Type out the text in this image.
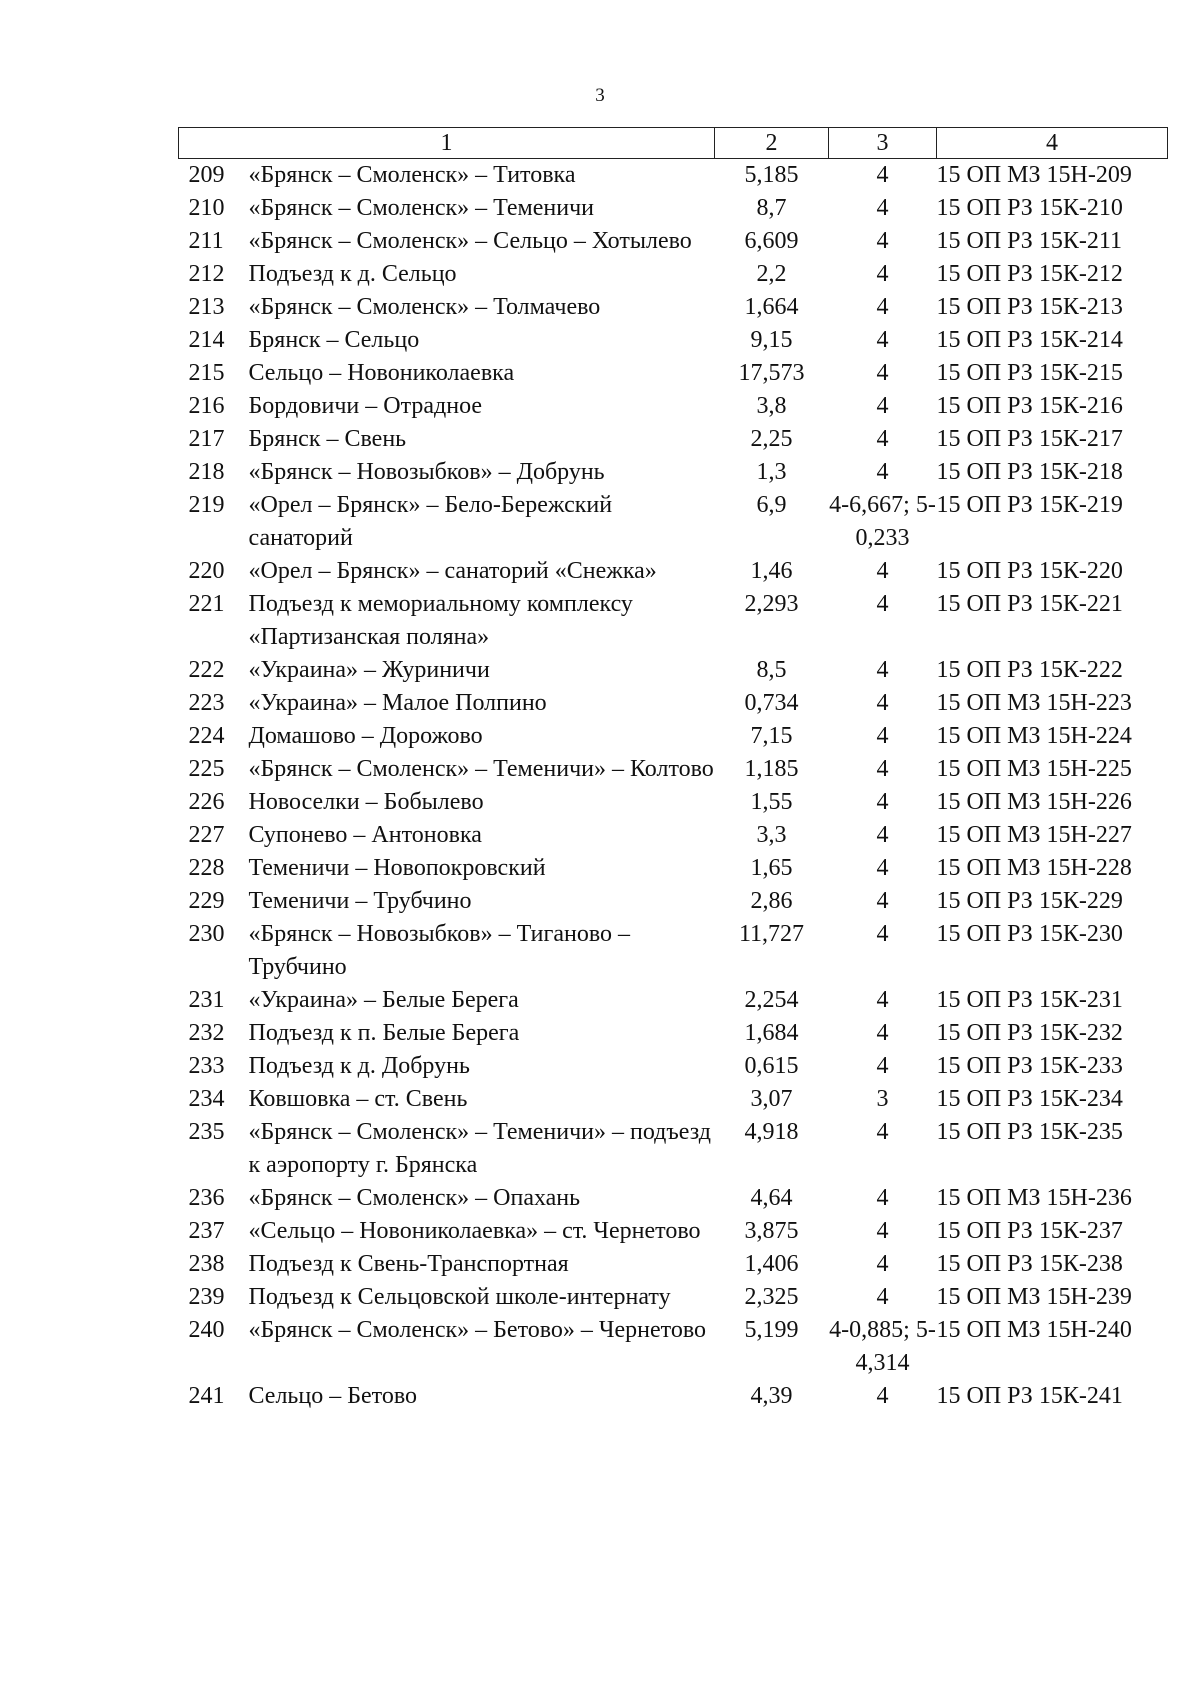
3
1	2	3	4

209 «Брянск – Смоленск» – Титовка	5,185	4	15 ОП МЗ 15Н-209

210 «Брянск – Смоленск» – Теменичи	8,7	4	15 ОП РЗ 15К-210

211 «Брянск – Смоленск» – Сельцо – Хотылево	6,609	4	15 ОП РЗ 15К-211

212 Подъезд к д. Сельцо	2,2	4	15 ОП РЗ 15К-212

213 «Брянск – Смоленск» – Толмачево	1,664	4	15 ОП РЗ 15К-213

214 Брянск – Сельцо	9,15	4	15 ОП РЗ 15К-214

215 Сельцо – Новониколаевка	17,573	4	15 ОП РЗ 15К-215

216 Бордовичи – Отрадное	3,8	4	15 ОП РЗ 15К-216

217 Брянск – Свень	2,25	4	15 ОП РЗ 15К-217

218 «Брянск – Новозыбков» – Добрунь	1,3	4	15 ОП РЗ 15К-218

219 «Орел – Брянск» – Бело-Бережский санаторий	6,9	4-6,667; 5-0,233	15 ОП РЗ 15К-219

220 «Орел – Брянск» – санаторий «Снежка»	1,46	4	15 ОП РЗ 15К-220

221 Подъезд к мемориальному комплексу «Партизанская поляна»	2,293	4	15 ОП РЗ 15К-221

222 «Украина» – Журиничи	8,5	4	15 ОП РЗ 15К-222

223 «Украина» – Малое Полпино	0,734	4	15 ОП МЗ 15Н-223

224 Домашово – Дорожово	7,15	4	15 ОП МЗ 15Н-224

225 «Брянск – Смоленск» – Теменичи» – Колтово	1,185	4	15 ОП МЗ 15Н-225

226 Новоселки – Бобылево	1,55	4	15 ОП МЗ 15Н-226

227 Супонево – Антоновка	3,3	4	15 ОП МЗ 15Н-227

228 Теменичи – Новопокровский	1,65	4	15 ОП МЗ 15Н-228

229 Теменичи – Трубчино	2,86	4	15 ОП РЗ 15К-229

230 «Брянск – Новозыбков» – Тиганово – Трубчино	11,727	4	15 ОП РЗ 15К-230

231 «Украина» – Белые Берега	2,254	4	15 ОП РЗ 15К-231

232 Подъезд к п. Белые Берега	1,684	4	15 ОП РЗ 15К-232

233 Подъезд к д. Добрунь	0,615	4	15 ОП РЗ 15К-233

234 Ковшовка – ст. Свень	3,07	3	15 ОП РЗ 15К-234

235 «Брянск – Смоленск» – Теменичи» – подъезд к аэропорту г. Брянска	4,918	4	15 ОП РЗ 15К-235

236 «Брянск – Смоленск» – Опахань	4,64	4	15 ОП МЗ 15Н-236

237 «Сельцо – Новониколаевка» – ст. Чернетово	3,875	4	15 ОП РЗ 15К-237

238 Подъезд к Свень-Транспортная	1,406	4	15 ОП РЗ 15К-238

239 Подъезд к Сельцовской школе-интернату	2,325	4	15 ОП МЗ 15Н-239

240 «Брянск – Смоленск» – Бетово» – Чернетово	5,199	4-0,885; 5-4,314	15 ОП МЗ 15Н-240

241 Сельцо – Бетово	4,39	4	15 ОП РЗ 15К-241
